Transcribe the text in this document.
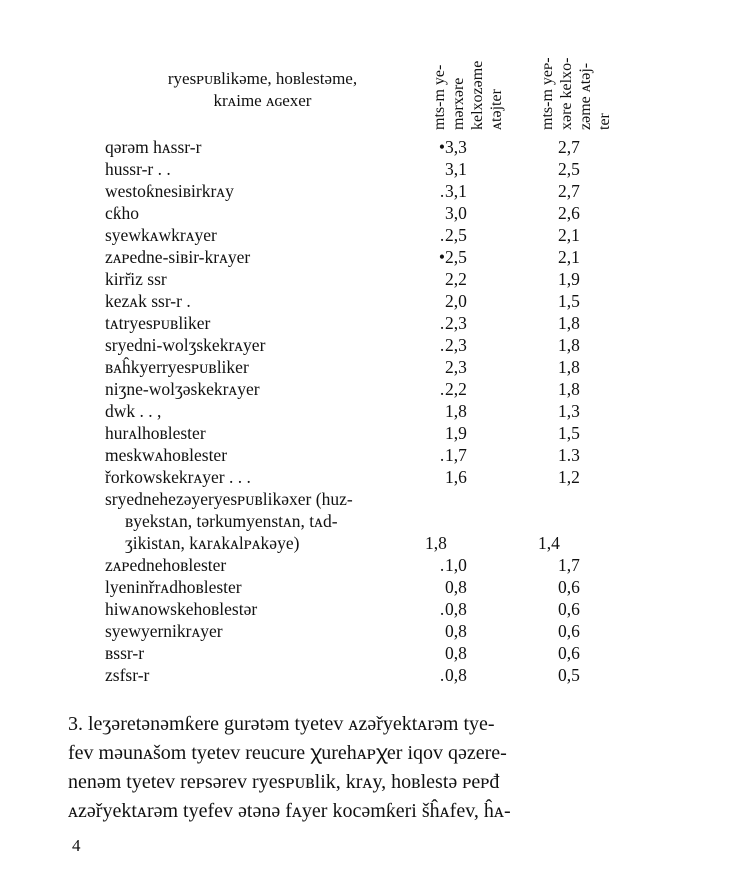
ryesᴘᴜʙlikəme, hoʙlestəme,
krᴀime ᴀɢexer	mts-m ye- mərxəre kelxozəme ᴀtəjter mts-m yeᴘ- xəre kelxo- zəme ᴀtəj- ter
qərəm hᴀssr-r	• 3,3	2,7
hussr-r . .	3,1	2,5
westoƙnesiʙirkrᴀy	. 3,1	2,7
cƙho	3,0	2,6
syewkᴀwkrᴀyer	. 2,5	2,1
zᴀᴘedne-siʙir-krᴀyer	• 2,5	2,1
kirr̆iz ssr	2,2	1,9
kezᴀk ssr-r .	2,0	1,5
tᴀtryesᴘᴜʙliker	. 2,3	1,8
sryedni-wolʒskekrᴀyer	. 2,3	1,8
ʙᴀĥkyerryesᴘᴜʙliker	2,3	1,8
niʒne-wolʒəskekrᴀyer	. 2,2	1,8
dwk . . ,	1,8	1,3
hurᴀlhoʙlester	1,9	1,5
meskwᴀhoʙlester	. 1,7	1.3
řorkowskekrᴀyer . . .	1,6	1,2
sryednehezəyeryesᴘᴜʙlikəxer (huz-
ʙyekstᴀn, tərkumyenstᴀn, tᴀd-
ʒikistᴀn, kᴀrᴀkᴀlᴘᴀkəye)	1,8	1,4
zᴀᴘednehoʙlester	. 1,0	1,7
lyeninřrᴀdhoʙlester	0,8	0,6
hiwᴀnowskehoʙlestər	. 0,8	0,6
syewyernikrᴀyer	0,8	0,6
ʙssr-r	0,8	0,6
zsfsr-r	. 0,8	0,5
3. leʒəretənəmƙere gurətəm tyetev ᴀzəřyektᴀrəm tye-
fev məunᴀšom tyetev reucure ꭓurehᴀᴘꭓer iqov qəzere-
nenəm tyetev reᴘsərev ryesᴘᴜʙlik, krᴀy, hoʙlestə ᴘeᴘđ
ᴀzəřyektᴀrəm tyefev ətənə fᴀyer kocəmƙeri šĥᴀfev, ĥᴀ-
4
